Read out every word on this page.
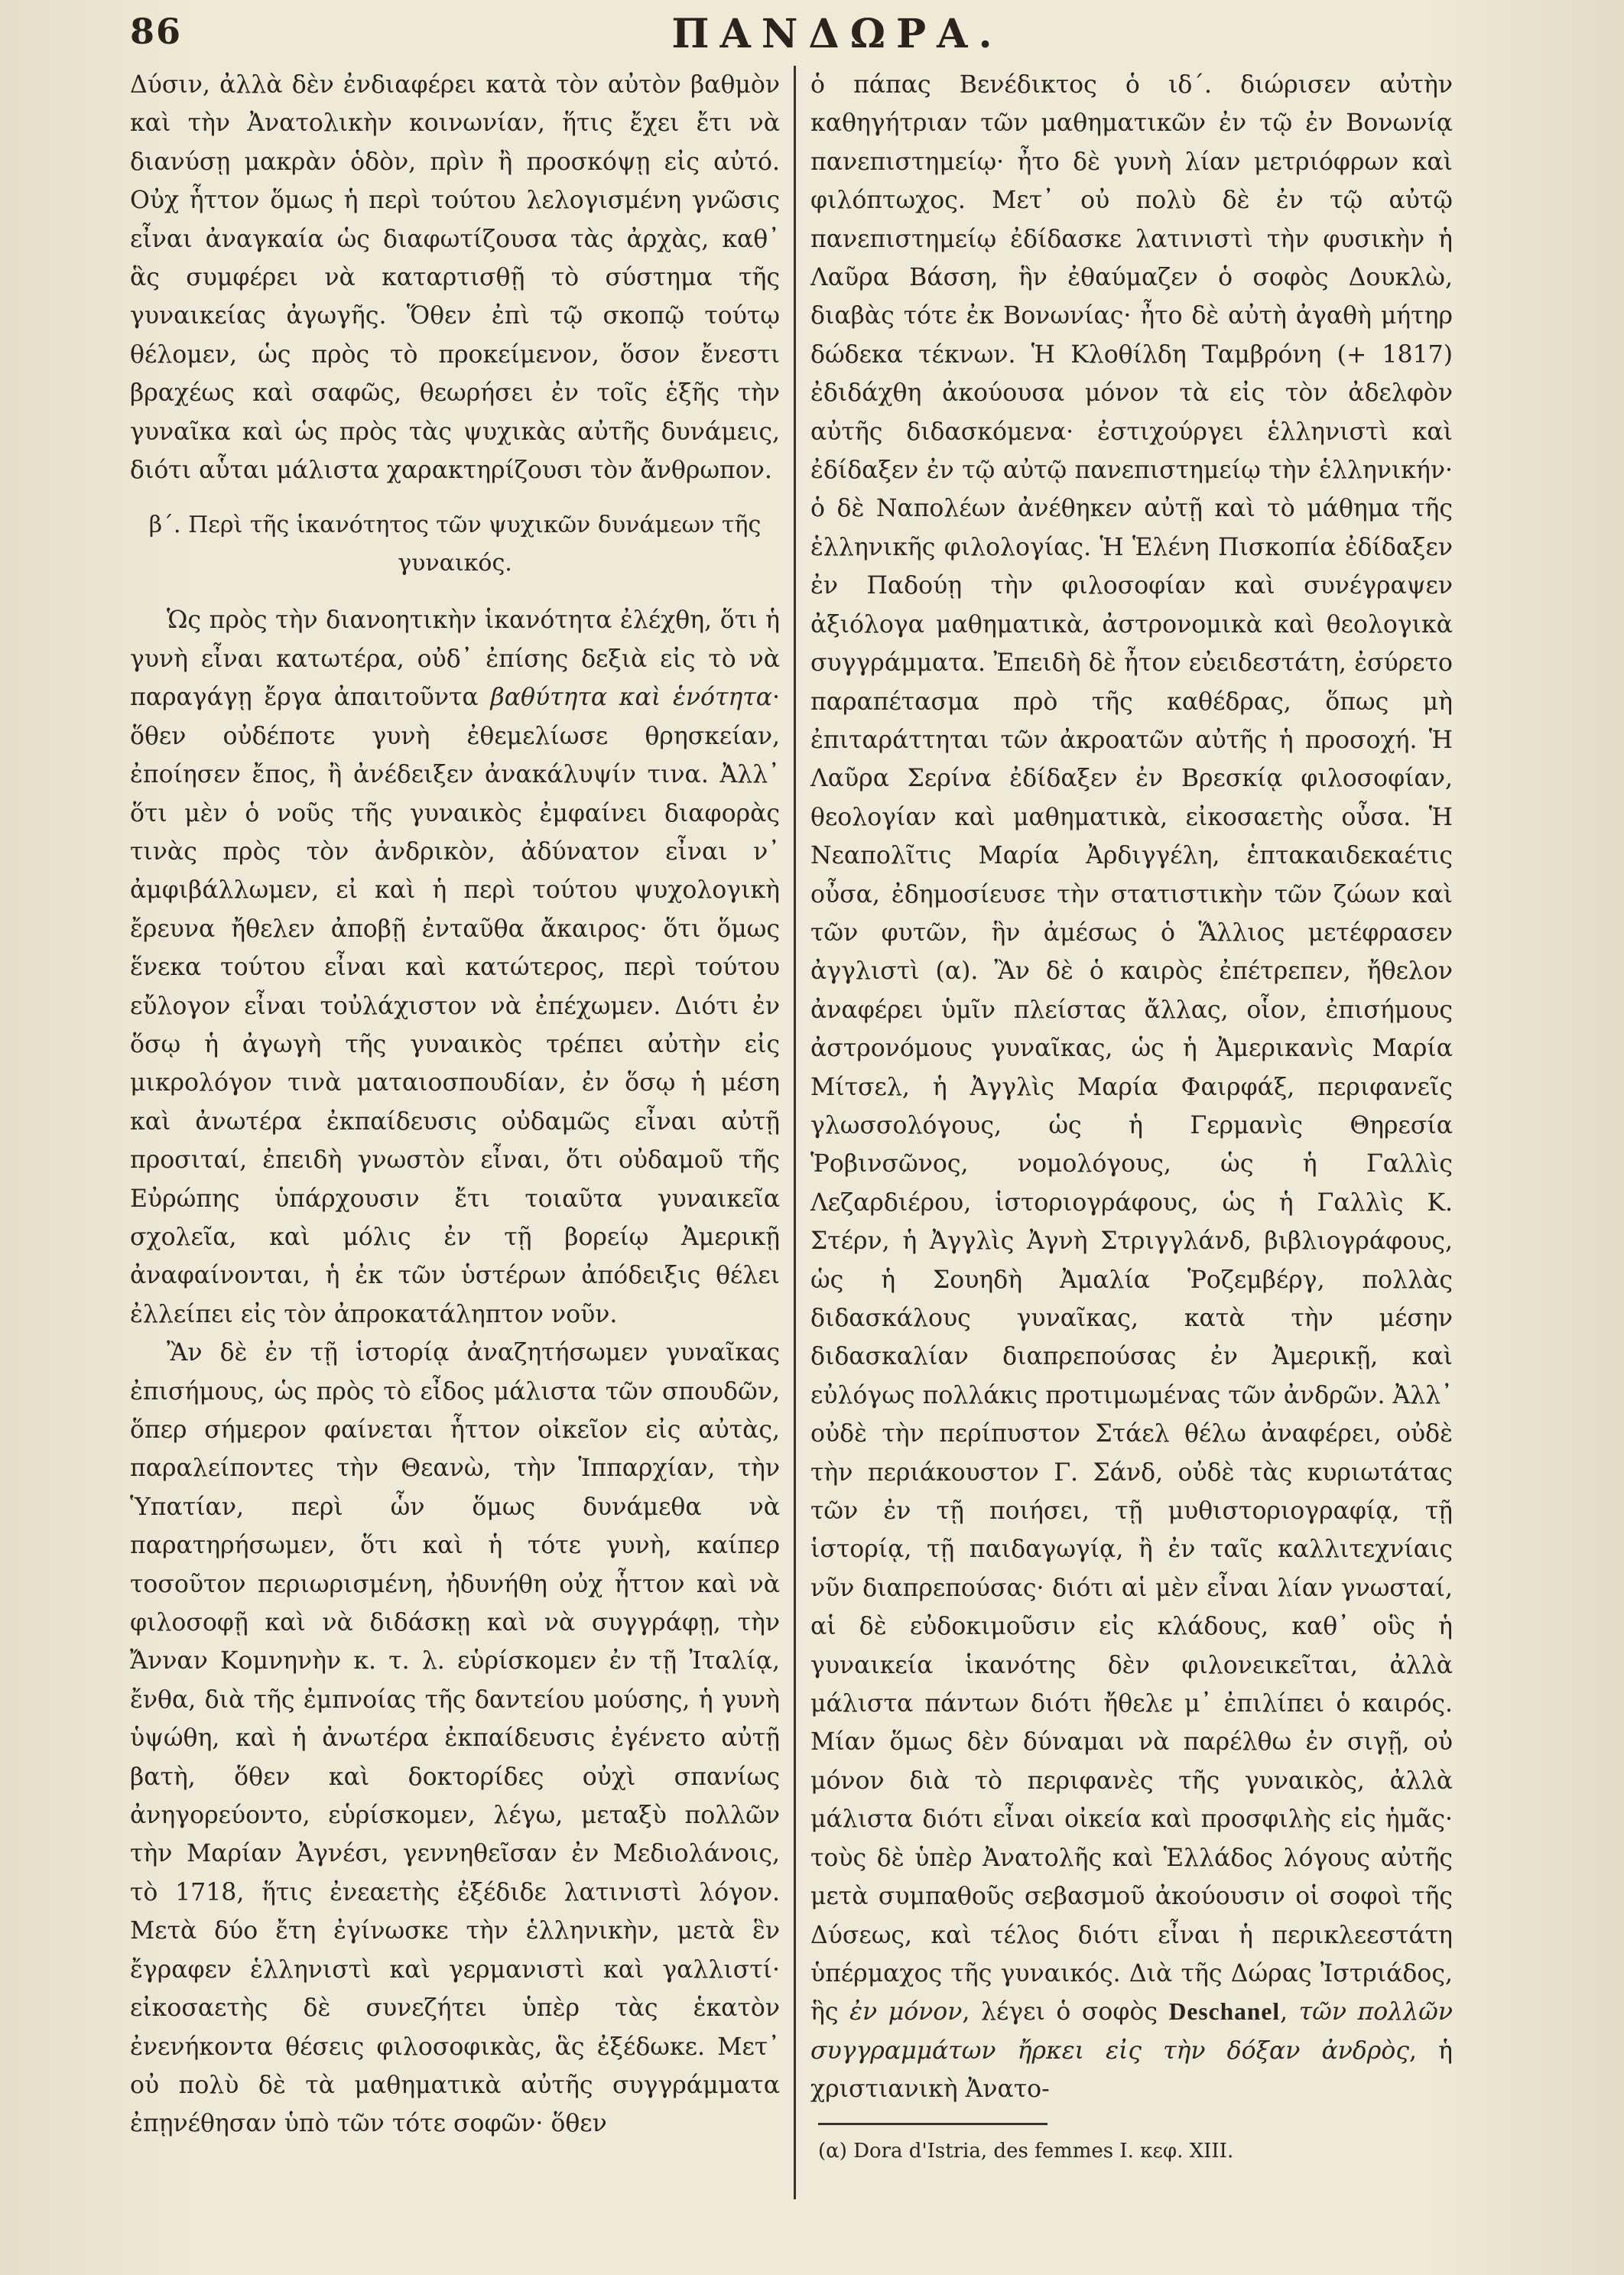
86	ΠΑΝΔΩΡΑ.

Δύσιν, ἀλλὰ δὲν ἐνδιαφέρει κατὰ τὸν αὐτὸν βαθμὸν καὶ τὴν Ἀνατολικὴν κοινωνίαν, ἥτις ἔχει ἔτι νὰ διανύσῃ μακρὰν ὁδὸν, πρὶν ἢ προσκόψῃ εἰς αὐτό. Οὐχ ἧττον ὅμως ἡ περὶ τούτου λελογισμένη γνῶσις εἶναι ἀναγκαία ὡς διαφωτίζουσα τὰς ἀρχὰς, καθ᾽ ἃς συμφέρει νὰ καταρτισθῇ τὸ σύστημα τῆς γυναικείας ἀγωγῆς. Ὅθεν ἐπὶ τῷ σκοπῷ τούτῳ θέλομεν, ὡς πρὸς τὸ προκείμενον, ὅσον ἔνεστι βραχέως καὶ σαφῶς, θεωρήσει ἐν τοῖς ἑξῆς τὴν γυναῖκα καὶ ὡς πρὸς τὰς ψυχικὰς αὐτῆς δυνάμεις, διότι αὗται μάλιστα χαρακτηρίζουσι τὸν ἄνθρωπον.

β΄. Περὶ τῆς ἱκανότητος τῶν ψυχικῶν δυνάμεων τῆς γυναικός.

Ὡς πρὸς τὴν διανοητικὴν ἱκανότητα ἐλέχθη, ὅτι ἡ γυνὴ εἶναι κατωτέρα, οὐδ᾽ ἐπίσης δεξιὰ εἰς τὸ νὰ παραγάγῃ ἔργα ἀπαιτοῦντα βαθύτητα καὶ ἑνότητα· ὅθεν οὐδέποτε γυνὴ ἐθεμελίωσε θρησκείαν, ἐποίησεν ἔπος, ἢ ἀνέδειξεν ἀνακάλυψίν τινα. Ἀλλ᾽ ὅτι μὲν ὁ νοῦς τῆς γυναικὸς ἐμφαίνει διαφορὰς τινὰς πρὸς τὸν ἀνδρικὸν, ἀδύνατον εἶναι ν᾽ ἀμφιβάλλωμεν, εἰ καὶ ἡ περὶ τούτου ψυχολογικὴ ἔρευνα ἤθελεν ἀποβῇ ἐνταῦθα ἄκαιρος· ὅτι ὅμως ἕνεκα τούτου εἶναι καὶ κατώτερος, περὶ τούτου εὔλογον εἶναι τοὐλάχιστον νὰ ἐπέχωμεν. Διότι ἐν ὅσῳ ἡ ἀγωγὴ τῆς γυναικὸς τρέπει αὐτὴν εἰς μικρολόγον τινὰ ματαιοσπουδίαν, ἐν ὅσῳ ἡ μέση καὶ ἀνωτέρα ἐκπαίδευσις οὐδαμῶς εἶναι αὐτῇ προσιταί, ἐπειδὴ γνωστὸν εἶναι, ὅτι οὐδαμοῦ τῆς Εὐρώπης ὑπάρχουσιν ἔτι τοιαῦτα γυναικεῖα σχολεῖα, καὶ μόλις ἐν τῇ βορείῳ Ἀμερικῇ ἀναφαίνονται, ἡ ἐκ τῶν ὑστέρων ἀπόδειξις θέλει ἐλλείπει εἰς τὸν ἀπροκατάληπτον νοῦν.

Ἂν δὲ ἐν τῇ ἱστορίᾳ ἀναζητήσωμεν γυναῖκας ἐπισήμους, ὡς πρὸς τὸ εἶδος μάλιστα τῶν σπουδῶν, ὅπερ σήμερον φαίνεται ἧττον οἰκεῖον εἰς αὐτὰς, παραλείποντες τὴν Θεανὼ, τὴν Ἱππαρχίαν, τὴν Ὑπατίαν, περὶ ὧν ὅμως δυνάμεθα νὰ παρατηρήσωμεν, ὅτι καὶ ἡ τότε γυνὴ, καίπερ τοσοῦτον περιωρισμένη, ἠδυνήθη οὐχ ἧττον καὶ νὰ φιλοσοφῇ καὶ νὰ διδάσκῃ καὶ νὰ συγγράφῃ, τὴν Ἄνναν Κομνηνὴν κ. τ. λ. εὑρίσκομεν ἐν τῇ Ἰταλίᾳ, ἔνθα, διὰ τῆς ἐμπνοίας τῆς δαντείου μούσης, ἡ γυνὴ ὑψώθη, καὶ ἡ ἀνωτέρα ἐκπαίδευσις ἐγένετο αὐτῇ βατὴ, ὅθεν καὶ δοκτορίδες οὐχὶ σπανίως ἀνηγορεύοντο, εὑρίσκομεν, λέγω, μεταξὺ πολλῶν τὴν Μαρίαν Ἀγνέσι, γεννηθεῖσαν ἐν Μεδιολάνοις, τὸ 1718, ἥτις ἐνεαετὴς ἐξέδιδε λατινιστὶ λόγον. Μετὰ δύο ἔτη ἐγίνωσκε τὴν ἑλληνικὴν, μετὰ ἓν ἔγραφεν ἑλληνιστὶ καὶ γερμανιστὶ καὶ γαλλιστί· εἰκοσαετὴς δὲ συνεζήτει ὑπὲρ τὰς ἑκατὸν ἐνενήκοντα θέσεις φιλοσοφικὰς, ἃς ἐξέδωκε. Μετ᾽ οὐ πολὺ δὲ τὰ μαθηματικὰ αὐτῆς συγγράμματα ἐπῃνέθησαν ὑπὸ τῶν τότε σοφῶν· ὅθεν

ὁ πάπας Βενέδικτος ὁ ιδ΄. διώρισεν αὐτὴν καθηγήτριαν τῶν μαθηματικῶν ἐν τῷ ἐν Βονωνίᾳ πανεπιστημείῳ· ἦτο δὲ γυνὴ λίαν μετριόφρων καὶ φιλόπτωχος. Μετ᾽ οὐ πολὺ δὲ ἐν τῷ αὐτῷ πανεπιστημείῳ ἐδίδασκε λατινιστὶ τὴν φυσικὴν ἡ Λαῦρα Βάσση, ἣν ἐθαύμαζεν ὁ σοφὸς Δουκλὼ, διαβὰς τότε ἐκ Βονωνίας· ἦτο δὲ αὐτὴ ἀγαθὴ μήτηρ δώδεκα τέκνων. Ἡ Κλοθίλδη Ταμβρόνη (+ 1817) ἐδιδάχθη ἀκούουσα μόνον τὰ εἰς τὸν ἀδελφὸν αὐτῆς διδασκόμενα· ἐστιχούργει ἑλληνιστὶ καὶ ἐδίδαξεν ἐν τῷ αὐτῷ πανεπιστημείῳ τὴν ἑλληνικήν· ὁ δὲ Ναπολέων ἀνέθηκεν αὐτῇ καὶ τὸ μάθημα τῆς ἑλληνικῆς φιλολογίας. Ἡ Ἑλένη Πισκοπία ἐδίδαξεν ἐν Παδούῃ τὴν φιλοσοφίαν καὶ συνέγραψεν ἀξιόλογα μαθηματικὰ, ἀστρονομικὰ καὶ θεολογικὰ συγγράμματα. Ἐπειδὴ δὲ ἦτον εὐειδεστάτη, ἐσύρετο παραπέτασμα πρὸ τῆς καθέδρας, ὅπως μὴ ἐπιταράττηται τῶν ἀκροατῶν αὐτῆς ἡ προσοχή. Ἡ Λαῦρα Σερίνα ἐδίδαξεν ἐν Βρεσκίᾳ φιλοσοφίαν, θεολογίαν καὶ μαθηματικὰ, εἰκοσαετὴς οὖσα. Ἡ Νεαπολῖτις Μαρία Ἀρδιγγέλη, ἑπτακαιδεκαέτις οὖσα, ἐδημοσίευσε τὴν στατιστικὴν τῶν ζώων καὶ τῶν φυτῶν, ἣν ἀμέσως ὁ Ἅλλιος μετέφρασεν ἀγγλιστὶ (α). Ἂν δὲ ὁ καιρὸς ἐπέτρεπεν, ἤθελον ἀναφέρει ὑμῖν πλείστας ἄλλας, οἷον, ἐπισήμους ἀστρονόμους γυναῖκας, ὡς ἡ Ἀμερικανὶς Μαρία Μίτσελ, ἡ Ἀγγλὶς Μαρία Φαιρφάξ, περιφανεῖς γλωσσολόγους, ὡς ἡ Γερμανὶς Θηρεσία Ῥοβινσῶνος, νομολόγους, ὡς ἡ Γαλλὶς Λεζαρδιέρου, ἱστοριογράφους, ὡς ἡ Γαλλὶς Κ. Στέρν, ἡ Ἀγγλὶς Ἀγνὴ Στριγγλάνδ, βιβλιογράφους, ὡς ἡ Σουηδὴ Ἀμαλία Ῥοζεμβέργ, πολλὰς διδασκάλους γυναῖκας, κατὰ τὴν μέσην διδασκαλίαν διαπρεπούσας ἐν Ἀμερικῇ, καὶ εὐλόγως πολλάκις προτιμωμένας τῶν ἀνδρῶν. Ἀλλ᾽ οὐδὲ τὴν περίπυστον Στάελ θέλω ἀναφέρει, οὐδὲ τὴν περιάκουστον Γ. Σάνδ, οὐδὲ τὰς κυριωτάτας τῶν ἐν τῇ ποιήσει, τῇ μυθιστοριογραφίᾳ, τῇ ἱστορίᾳ, τῇ παιδαγωγίᾳ, ἢ ἐν ταῖς καλλιτεχνίαις νῦν διαπρεπούσας· διότι αἱ μὲν εἶναι λίαν γνωσταί, αἱ δὲ εὐδοκιμοῦσιν εἰς κλάδους, καθ᾽ οὓς ἡ γυναικεία ἱκανότης δὲν φιλονεικεῖται, ἀλλὰ μάλιστα πάντων διότι ἤθελε μ᾽ ἐπιλίπει ὁ καιρός. Μίαν ὅμως δὲν δύναμαι νὰ παρέλθω ἐν σιγῇ, οὐ μόνον διὰ τὸ περιφανὲς τῆς γυναικὸς, ἀλλὰ μάλιστα διότι εἶναι οἰκεία καὶ προσφιλὴς εἰς ἡμᾶς· τοὺς δὲ ὑπὲρ Ἀνατολῆς καὶ Ἑλλάδος λόγους αὐτῆς μετὰ συμπαθοῦς σεβασμοῦ ἀκούουσιν οἱ σοφοὶ τῆς Δύσεως, καὶ τέλος διότι εἶναι ἡ περικλεεστάτη ὑπέρμαχος τῆς γυναικός. Διὰ τῆς Δώρας Ἰστριάδος, ἣς ἐν μόνον, λέγει ὁ σοφὸς Deschanel, τῶν πολλῶν συγγραμμάτων ἤρκει εἰς τὴν δόξαν ἀνδρὸς, ἡ χριστιανικὴ Ἀνατο-

(α) Dora d'Istria, des femmes I. κεφ. XIII.
